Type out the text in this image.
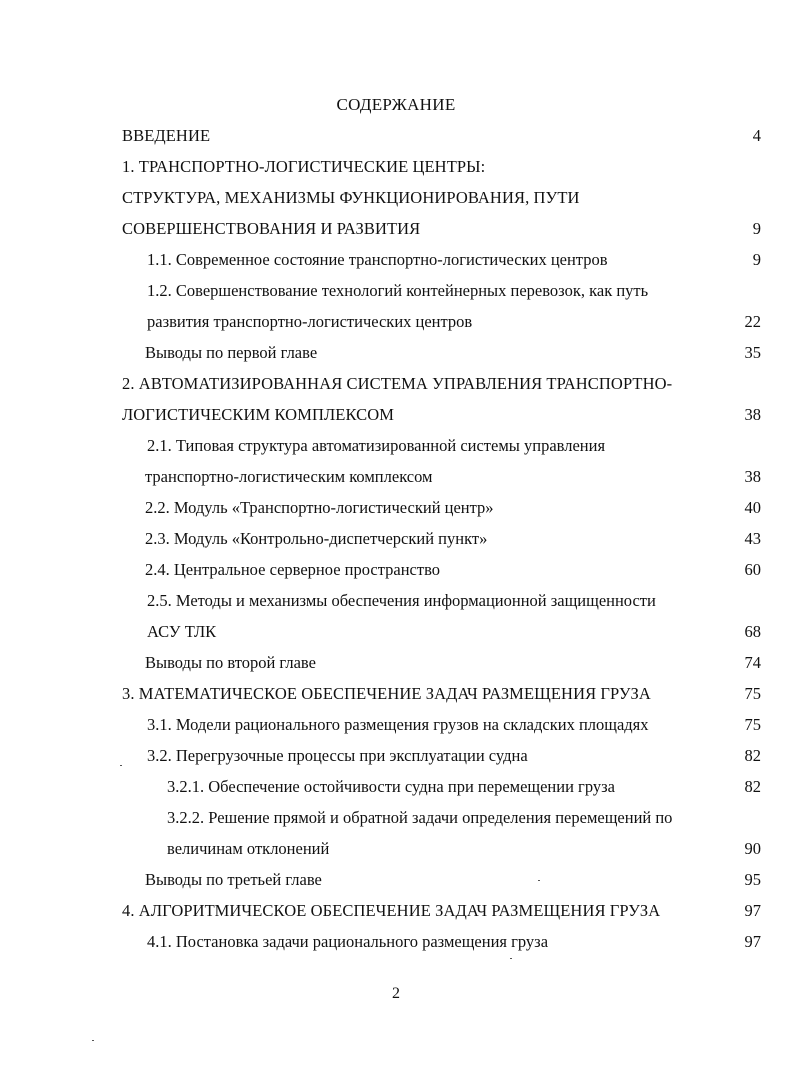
СОДЕРЖАНИЕ
ВВЕДЕНИЕ	4
1. ТРАНСПОРТНО-ЛОГИСТИЧЕСКИЕ ЦЕНТРЫ:
СТРУКТУРА, МЕХАНИЗМЫ ФУНКЦИОНИРОВАНИЯ, ПУТИ
СОВЕРШЕНСТВОВАНИЯ И РАЗВИТИЯ	9
1.1. Современное состояние транспортно-логистических центров	9
1.2. Совершенствование технологий контейнерных перевозок, как путь
развития транспортно-логистических центров	22
Выводы по первой главе	35
2. АВТОМАТИЗИРОВАННАЯ СИСТЕМА УПРАВЛЕНИЯ ТРАНСПОРТНО-
ЛОГИСТИЧЕСКИМ КОМПЛЕКСОМ	38
2.1. Типовая структура автоматизированной системы управления
транспортно-логистическим комплексом	38
2.2. Модуль «Транспортно-логистический центр»	40
2.3. Модуль «Контрольно-диспетчерский пункт»	43
2.4. Центральное серверное пространство	60
2.5. Методы и механизмы обеспечения информационной защищенности
АСУ ТЛК	68
Выводы по второй главе	74
3. МАТЕМАТИЧЕСКОЕ ОБЕСПЕЧЕНИЕ ЗАДАЧ РАЗМЕЩЕНИЯ ГРУЗА	75
3.1. Модели рационального размещения грузов на складских площадях	75
3.2. Перегрузочные процессы при эксплуатации судна	82
3.2.1. Обеспечение остойчивости судна при перемещении груза	82
3.2.2. Решение прямой и обратной задачи определения перемещений по
величинам отклонений	90
Выводы по третьей главе	95
4. АЛГОРИТМИЧЕСКОЕ ОБЕСПЕЧЕНИЕ ЗАДАЧ РАЗМЕЩЕНИЯ ГРУЗА	97
4.1. Постановка задачи рационального размещения груза	97
2
